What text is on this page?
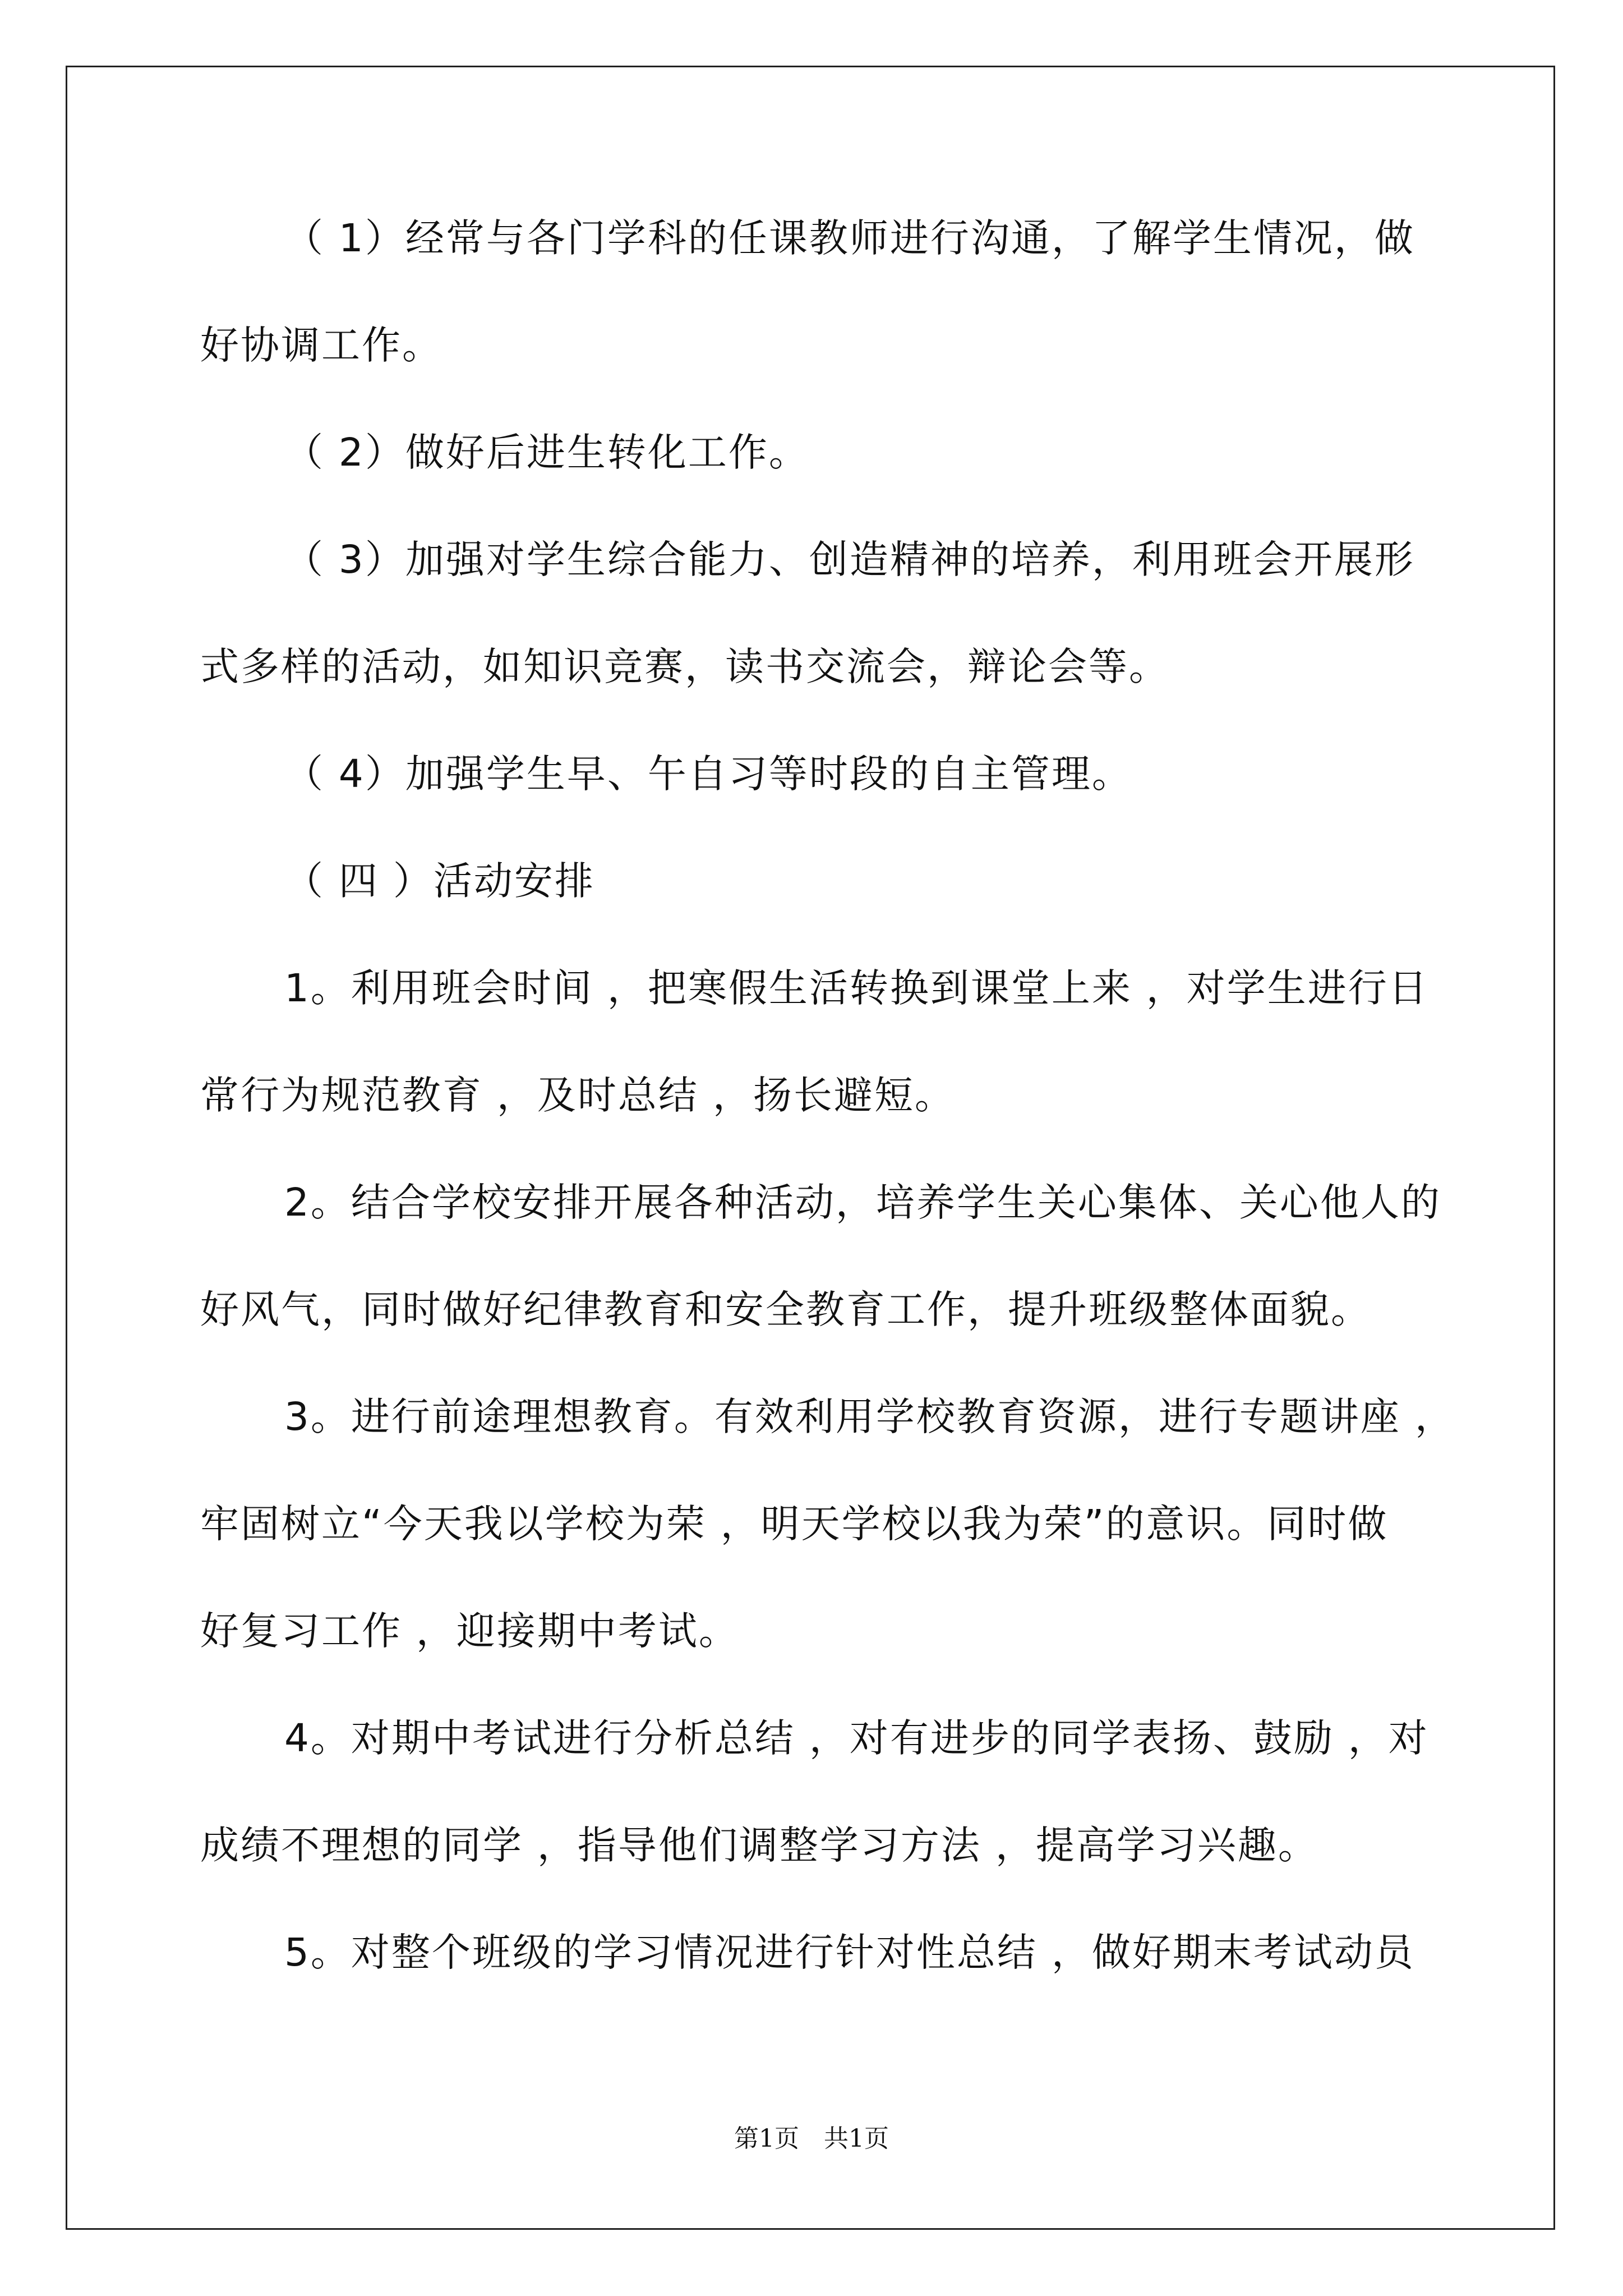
（ 1）经常与各门学科的任课教师进行沟通，了解学生情况，做
好协调工作。
（ 2）做好后进生转化工作。
（ 3）加强对学生综合能力、创造精神的培养，利用班会开展形
式多样的活动，如知识竞赛，读书交流会，辩论会等。
（ 4）加强学生早、午自习等时段的自主管理。
（ 四 ）活动安排
1。利用班会时间 ，把寒假生活转换到课堂上来 ，对学生进行日
常行为规范教育 ，及时总结 ，扬长避短。
2。结合学校安排开展各种活动，培养学生关心集体、关心他人的
好风气，同时做好纪律教育和安全教育工作，提升班级整体面貌。
3。进行前途理想教育。有效利用学校教育资源，进行专题讲座 ，
牢固树立“今天我以学校为荣 ，明天学校以我为荣”的意识。同时做
好复习工作 ，迎接期中考试。
4。对期中考试进行分析总结 ，对有进步的同学表扬、鼓励 ，对
成绩不理想的同学 ，指导他们调整学习方法 ，提高学习兴趣。
5。对整个班级的学习情况进行针对性总结 ，做好期末考试动员
第1页　共1页
